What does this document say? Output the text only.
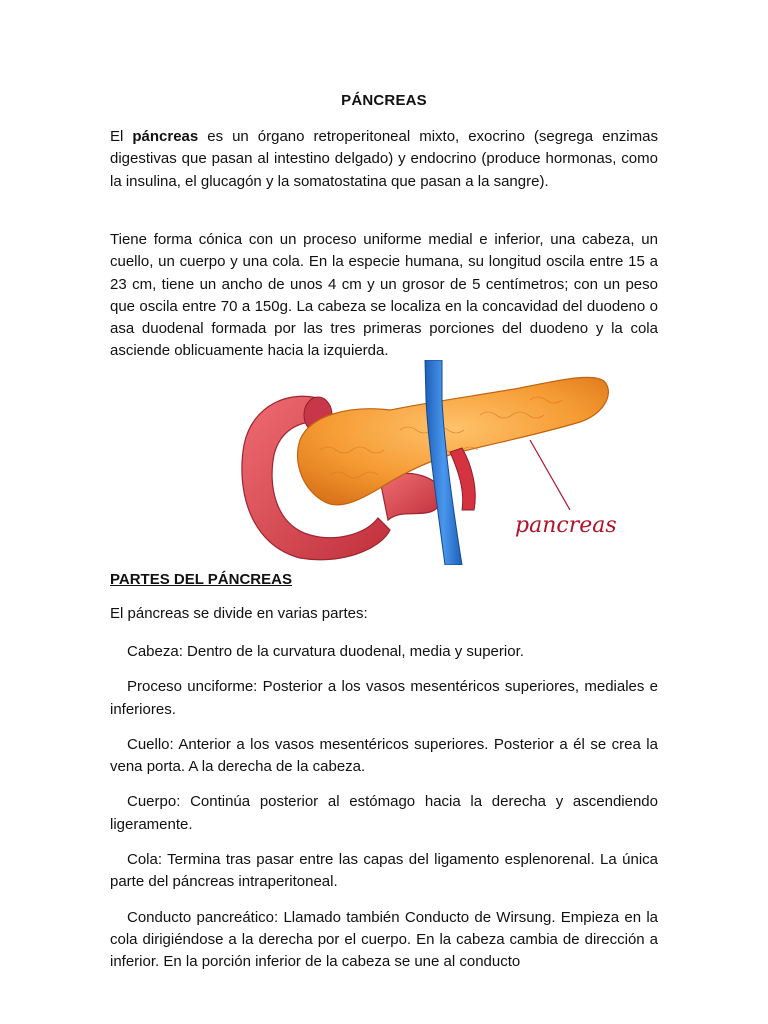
PÁNCREAS

El páncreas es un órgano retroperitoneal mixto, exocrino (segrega enzimas digestivas que pasan al intestino delgado) y endocrino (produce hormonas, como la insulina, el glucagón y la somatostatina que pasan a la sangre).

Tiene forma cónica con un proceso uniforme medial e inferior, una cabeza, un cuello, un cuerpo y una cola. En la especie humana, su longitud oscila entre 15 a 23 cm, tiene un ancho de unos 4 cm y un grosor de 5 centímetros; con un peso que oscila entre 70 a 150g. La cabeza se localiza en la concavidad del duodeno o asa duodenal formada por las tres primeras porciones del duodeno y la cola asciende oblicuamente hacia la izquierda.

pancreas
PARTES DEL PÁNCREAS

El páncreas se divide en varias partes:

Cabeza: Dentro de la curvatura duodenal, media y superior.

Proceso unciforme: Posterior a los vasos mesentéricos superiores, mediales e inferiores.

Cuello: Anterior a los vasos mesentéricos superiores. Posterior a él se crea la vena porta. A la derecha de la cabeza.

Cuerpo: Continúa posterior al estómago hacia la derecha y ascendiendo ligeramente.

Cola: Termina tras pasar entre las capas del ligamento esplenorenal. La única parte del páncreas intraperitoneal.

Conducto pancreático: Llamado también Conducto de Wirsung. Empieza en la cola dirigiéndose a la derecha por el cuerpo. En la cabeza cambia de dirección a inferior. En la porción inferior de la cabeza se une al conducto
